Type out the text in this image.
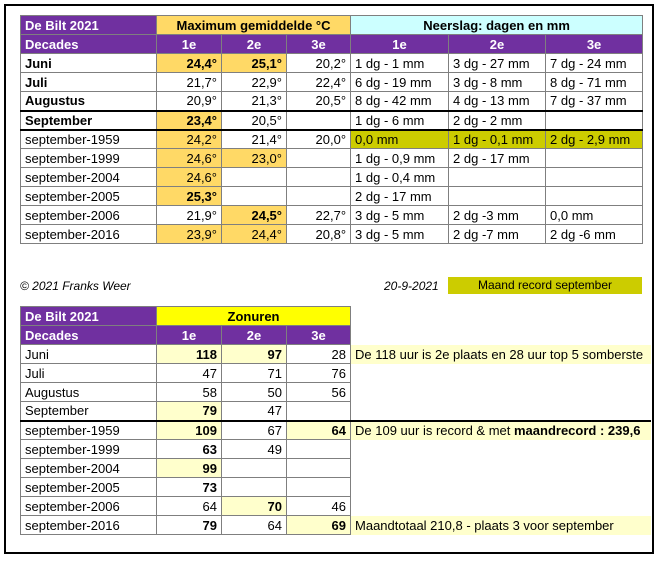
De Bilt 2021	Maximum gemiddelde °C			Neerslag: dagen en mm		
Decades	1e	2e	3e	1e	2e	3e
Juni	24,4°	25,1°	20,2°	1 dg - 1 mm	3 dg - 27 mm	7 dg - 24 mm
Juli	21,7°	22,9°	22,4°	6 dg - 19 mm	3 dg - 8 mm	8 dg - 71 mm
Augustus	20,9°	21,3°	20,5°	8 dg - 42 mm	4 dg - 13 mm	7 dg - 37 mm
September	23,4°	20,5°		1 dg - 6 mm	2 dg - 2 mm	
september-1959	24,2°	21,4°	20,0°	0,0 mm	1 dg - 0,1 mm	2 dg - 2,9 mm
september-1999	24,6°	23,0°		1 dg - 0,9 mm	2 dg - 17 mm	
september-2004	24,6°			1 dg - 0,4 mm		
september-2005	25,3°			2 dg - 17 mm		
september-2006	21,9°	24,5°	22,7°	3 dg - 5 mm	2 dg -3 mm	0,0 mm
september-2016	23,9°	24,4°	20,8°	3 dg - 5 mm	2 dg -7 mm	2 dg -6 mm
© 2021 Franks Weer	20-9-2021	Maand record september
De Bilt 2021	Zonuren			
Decades	1e	2e	3e	
Juni	118	97	28	De 118 uur is 2e plaats en 28 uur top 5 somberste
Juli	47	71	76	
Augustus	58	50	56	
September	79	47		
september-1959	109	67	64	De 109 uur is record & met maandrecord : 239,6
september-1999	63	49		
september-2004	99			
september-2005	73			
september-2006	64	70	46	
september-2016	79	64	69	Maandtotaal 210,8 - plaats 3 voor september
